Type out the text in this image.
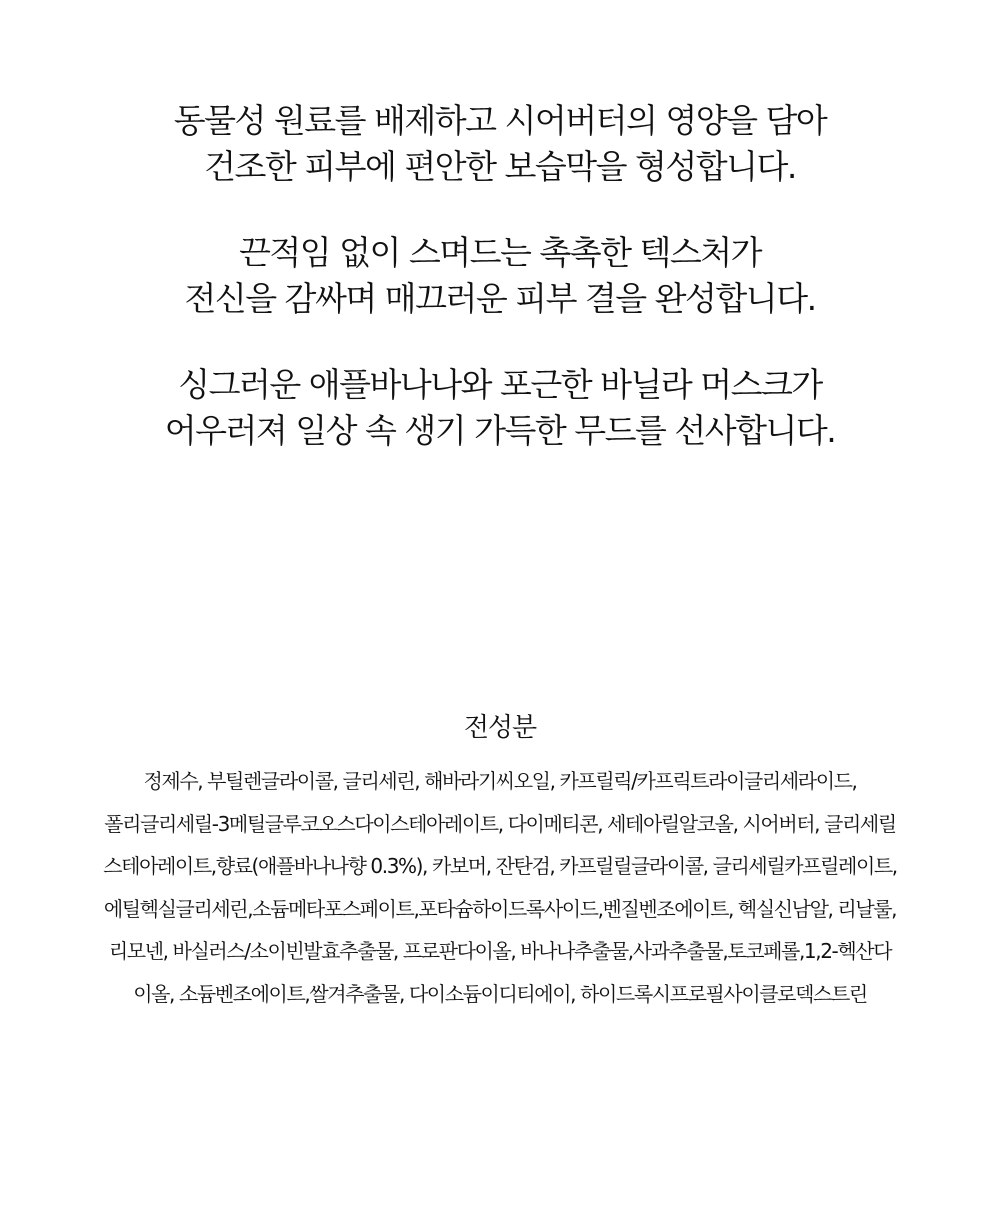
동물성 원료를 배제하고 시어버터의 영양을 담아
건조한 피부에 편안한 보습막을 형성합니다.

끈적임 없이 스며드는 촉촉한 텍스처가
전신을 감싸며 매끄러운 피부 결을 완성합니다.

싱그러운 애플바나나와 포근한 바닐라 머스크가
어우러져 일상 속 생기 가득한 무드를 선사합니다.

전성분
정제수, 부틸렌글라이콜, 글리세린, 해바라기씨오일, 카프릴릭/카프릭트라이글리세라이드,
폴리글리세릴-3메틸글루코오스다이스테아레이트, 다이메티콘, 세테아릴알코올, 시어버터, 글리세릴
스테아레이트,향료(애플바나나향 0.3%), 카보머, 잔탄검, 카프릴릴글라이콜, 글리세릴카프릴레이트,
에틸헥실글리세린,소듐메타포스페이트,포타슘하이드록사이드,벤질벤조에이트, 헥실신남알, 리날룰,
리모넨, 바실러스/소이빈발효추출물, 프로판다이올, 바나나추출물,사과추출물,토코페롤,1,2-헥산다
이올, 소듐벤조에이트,쌀겨추출물, 다이소듐이디티에이, 하이드록시프로필사이클로덱스트린
